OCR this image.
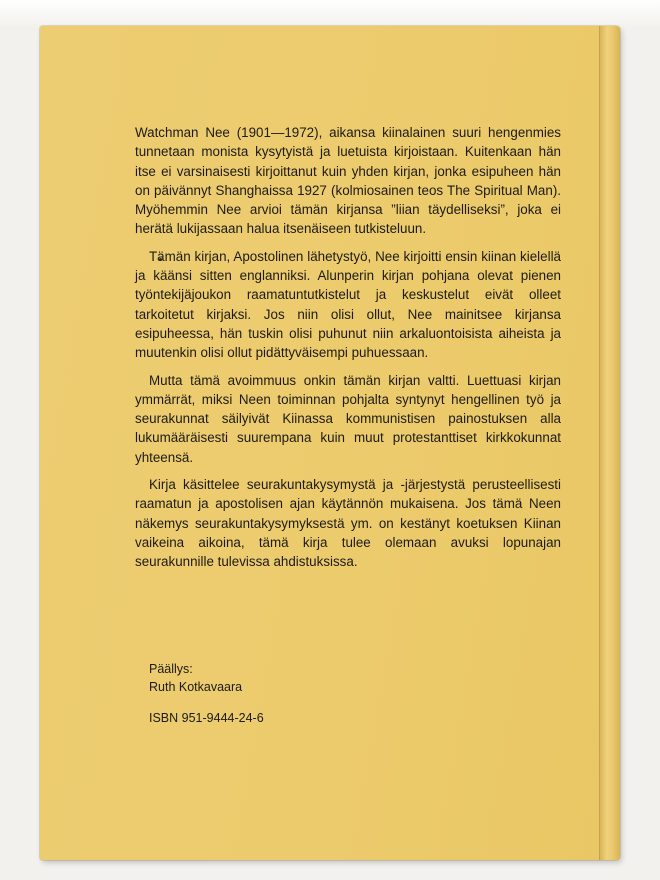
Watchman Nee (1901—1972), aikansa kiinalainen suuri hengenmies tunnetaan monista kysytyistä ja luetuista kirjoistaan. Kuitenkaan hän itse ei varsinaisesti kirjoittanut kuin yhden kirjan, jonka esipuheen hän on päivännyt Shanghaissa 1927 (kolmiosainen teos The Spiritual Man). Myöhemmin Nee arvioi tämän kirjansa ”liian täydelliseksi”, joka ei herätä lukijassaan halua itsenäiseen tutkisteluun.

Tämän kirjan, Apostolinen lähetystyö, Nee kirjoitti ensin kiinan kielellä ja käänsi sitten englanniksi. Alunperin kirjan pohjana olevat pienen työntekijäjoukon raamatuntutkistelut ja keskustelut eivät olleet tarkoitetut kirjaksi. Jos niin olisi ollut, Nee mainitsee kirjansa esipuheessa, hän tuskin olisi puhunut niin arkaluontoisista aiheista ja muutenkin olisi ollut pidättyväisempi puhuessaan.

Mutta tämä avoimmuus onkin tämän kirjan valtti. Luettuasi kirjan ymmärrät, miksi Neen toiminnan pohjalta syntynyt hengellinen työ ja seurakunnat säilyivät Kiinassa kommunistisen painostuksen alla lukumääräisesti suurempana kuin muut protestanttiset kirkkokunnat yhteensä.

Kirja käsittelee seurakuntakysymystä ja -järjestystä perusteellisesti raamatun ja apostolisen ajan käytännön mukaisena. Jos tämä Neen näkemys seurakuntakysymyksestä ym. on kestänyt koetuksen Kiinan vaikeina aikoina, tämä kirja tulee olemaan avuksi lopunajan seurakunnille tulevissa ahdistuksissa.

Päällys:
Ruth Kotkavaara
ISBN 951-9444-24-6
